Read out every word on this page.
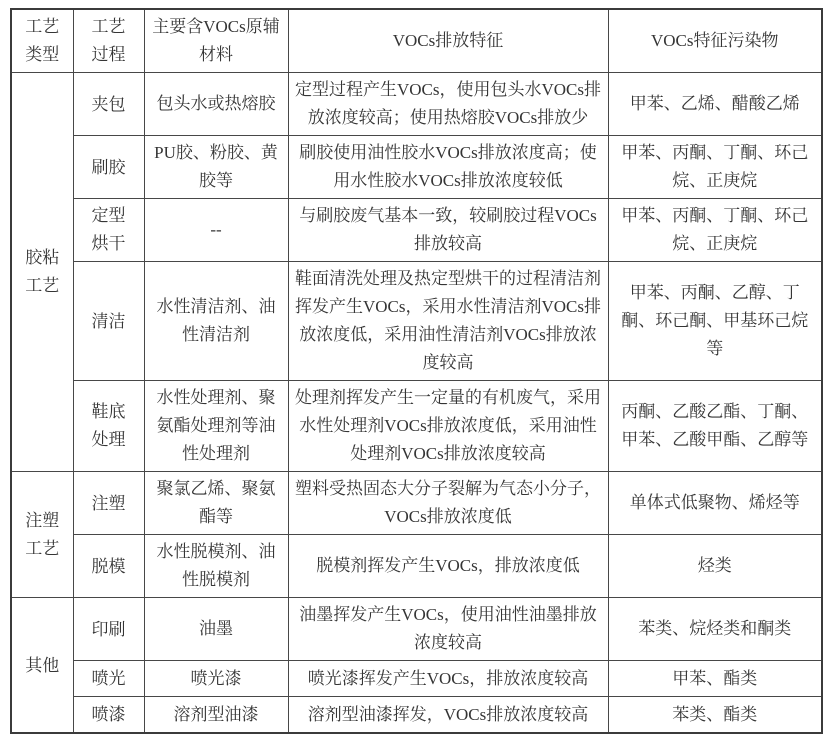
工艺类型	工艺过程	主要含VOCs原辅材料	VOCs排放特征	VOCs特征污染物
胶粘工艺	夹包	包头水或热熔胶	定型过程产生VOCs，使用包头水VOCs排放浓度较高；使用热熔胶VOCs排放少	甲苯、乙烯、醋酸乙烯
	刷胶	PU胶、粉胶、黄胶等	刷胶使用油性胶水VOCs排放浓度高；使用水性胶水VOCs排放浓度较低	甲苯、丙酮、丁酮、环己烷、正庚烷
	定型烘干	--	与刷胶废气基本一致，较刷胶过程VOCs排放较高	甲苯、丙酮、丁酮、环己烷、正庚烷
	清洁	水性清洁剂、油性清洁剂	鞋面清洗处理及热定型烘干的过程清洁剂挥发产生VOCs，采用水性清洁剂VOCs排放浓度低，采用油性清洁剂VOCs排放浓度较高	甲苯、丙酮、乙醇、丁酮、环己酮、甲基环己烷等
	鞋底处理	水性处理剂、聚氨酯处理剂等油性处理剂	处理剂挥发产生一定量的有机废气，采用水性处理剂VOCs排放浓度低，采用油性处理剂VOCs排放浓度较高	丙酮、乙酸乙酯、丁酮、甲苯、乙酸甲酯、乙醇等
注塑工艺	注塑	聚氯乙烯、聚氨酯等	塑料受热固态大分子裂解为气态小分子，VOCs排放浓度低	单体式低聚物、烯烃等
	脱模	水性脱模剂、油性脱模剂	脱模剂挥发产生VOCs，排放浓度低	烃类
其他	印刷	油墨	油墨挥发产生VOCs，使用油性油墨排放浓度较高	苯类、烷烃类和酮类
	喷光	喷光漆	喷光漆挥发产生VOCs，排放浓度较高	甲苯、酯类
	喷漆	溶剂型油漆	溶剂型油漆挥发，VOCs排放浓度较高	苯类、酯类
